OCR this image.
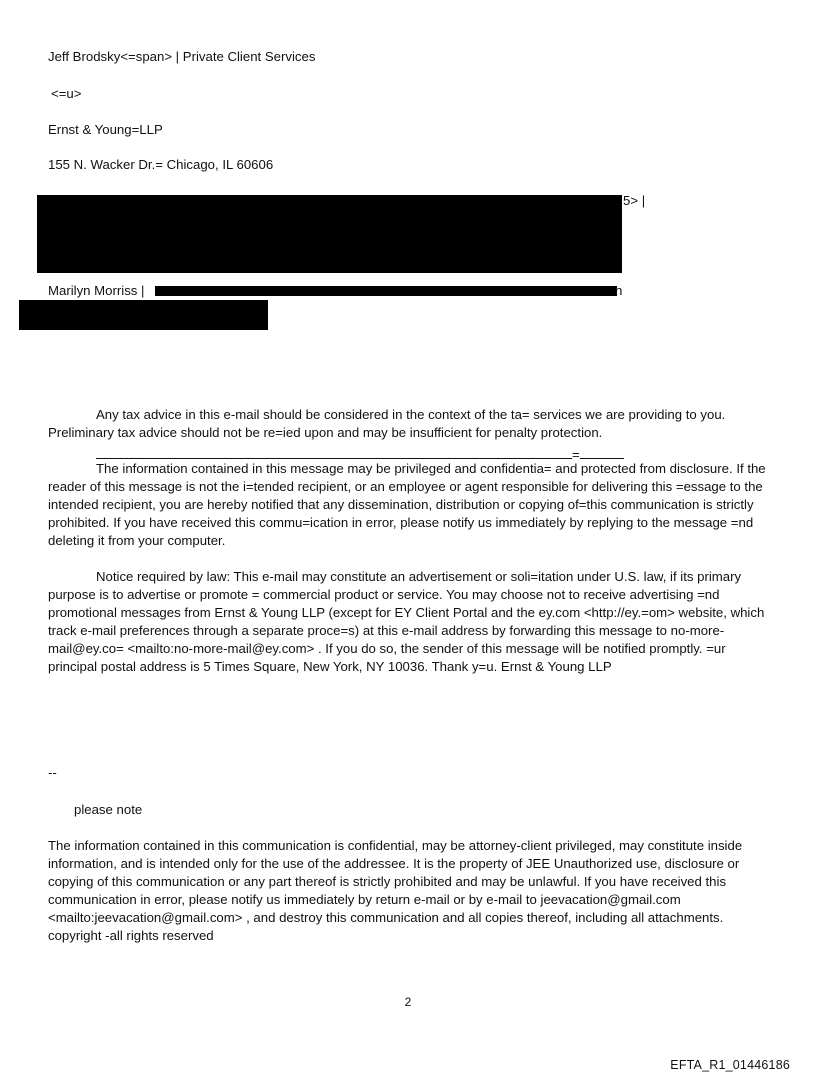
Jeff Brodsky<=span> | Private Client Services
<=u>
Ernst & Young=LLP
155 N. Wacker Dr.= Chicago, IL 60606
5> |
Marilyn Morriss |	n

Any tax advice in this e-mail should be considered in the context of the ta= services we are providing to you. Preliminary tax advice should not be re=ied upon and may be insufficient for penalty protection.

=

The information contained in this message may be privileged and confidentia= and protected from disclosure. If the reader of this message is not the i=tended recipient, or an employee or agent responsible for delivering this =essage to the intended recipient, you are hereby notified that any dissemination, distribution or copying of=this communication is strictly prohibited. If you have received this commu=ication in error, please notify us immediately by replying to the message =nd deleting it from your computer.

Notice required by law: This e-mail may constitute an advertisement or soli=itation under U.S. law, if its primary purpose is to advertise or promote = commercial product or service. You may choose not to receive advertising =nd promotional messages from Ernst & Young LLP (except for EY Client Portal and the ey.com <http://ey.=om> website, which track e-mail preferences through a separate proce=s) at this e-mail address by forwarding this message to no-more-mail@ey.co= <mailto:no-more-mail@ey.com> . If you do so, the sender of this message will be notified promptly. =ur principal postal address is 5 Times Square, New York, NY 10036. Thank y=u. Ernst & Young LLP

--
please note

The information contained in this communication is confidential, may be attorney-client privileged, may constitute inside information, and is intended only for the use of the addressee. It is the property of JEE Unauthorized use, disclosure or copying of this communication or any part thereof is strictly prohibited and may be unlawful. If you have received this communication in error, please notify us immediately by return e-mail or by e-mail to jeevacation@gmail.com <mailto:jeevacation@gmail.com> , and destroy this communication and all copies thereof, including all attachments. copyright -all rights reserved

2
EFTA_R1_01446186
